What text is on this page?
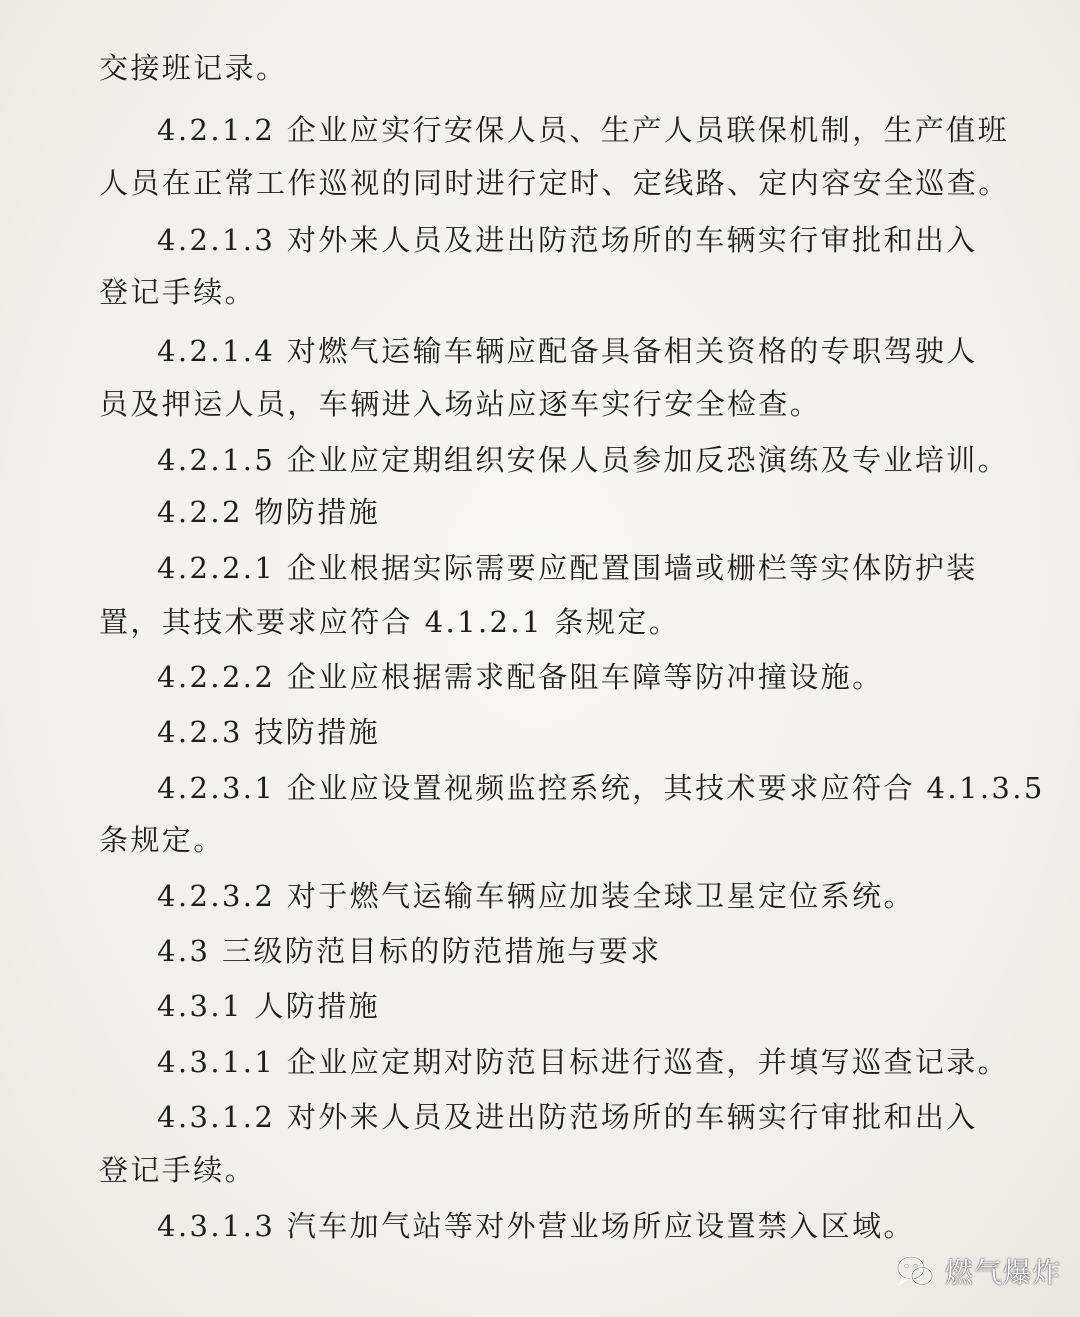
交接班记录。
4.2.1.2 企业应实行安保人员、生产人员联保机制，生产值班
人员在正常工作巡视的同时进行定时、定线路、定内容安全巡查。
4.2.1.3 对外来人员及进出防范场所的车辆实行审批和出入
登记手续。
4.2.1.4 对燃气运输车辆应配备具备相关资格的专职驾驶人
员及押运人员，车辆进入场站应逐车实行安全检查。
4.2.1.5 企业应定期组织安保人员参加反恐演练及专业培训。
4.2.2 物防措施
4.2.2.1 企业根据实际需要应配置围墙或栅栏等实体防护装
置，其技术要求应符合 4.1.2.1 条规定。
4.2.2.2 企业应根据需求配备阻车障等防冲撞设施。
4.2.3 技防措施
4.2.3.1 企业应设置视频监控系统，其技术要求应符合 4.1.3.5
条规定。
4.2.3.2 对于燃气运输车辆应加装全球卫星定位系统。
4.3 三级防范目标的防范措施与要求
4.3.1 人防措施
4.3.1.1 企业应定期对防范目标进行巡查，并填写巡查记录。
4.3.1.2 对外来人员及进出防范场所的车辆实行审批和出入
登记手续。
4.3.1.3 汽车加气站等对外营业场所应设置禁入区域。
燃气爆炸
